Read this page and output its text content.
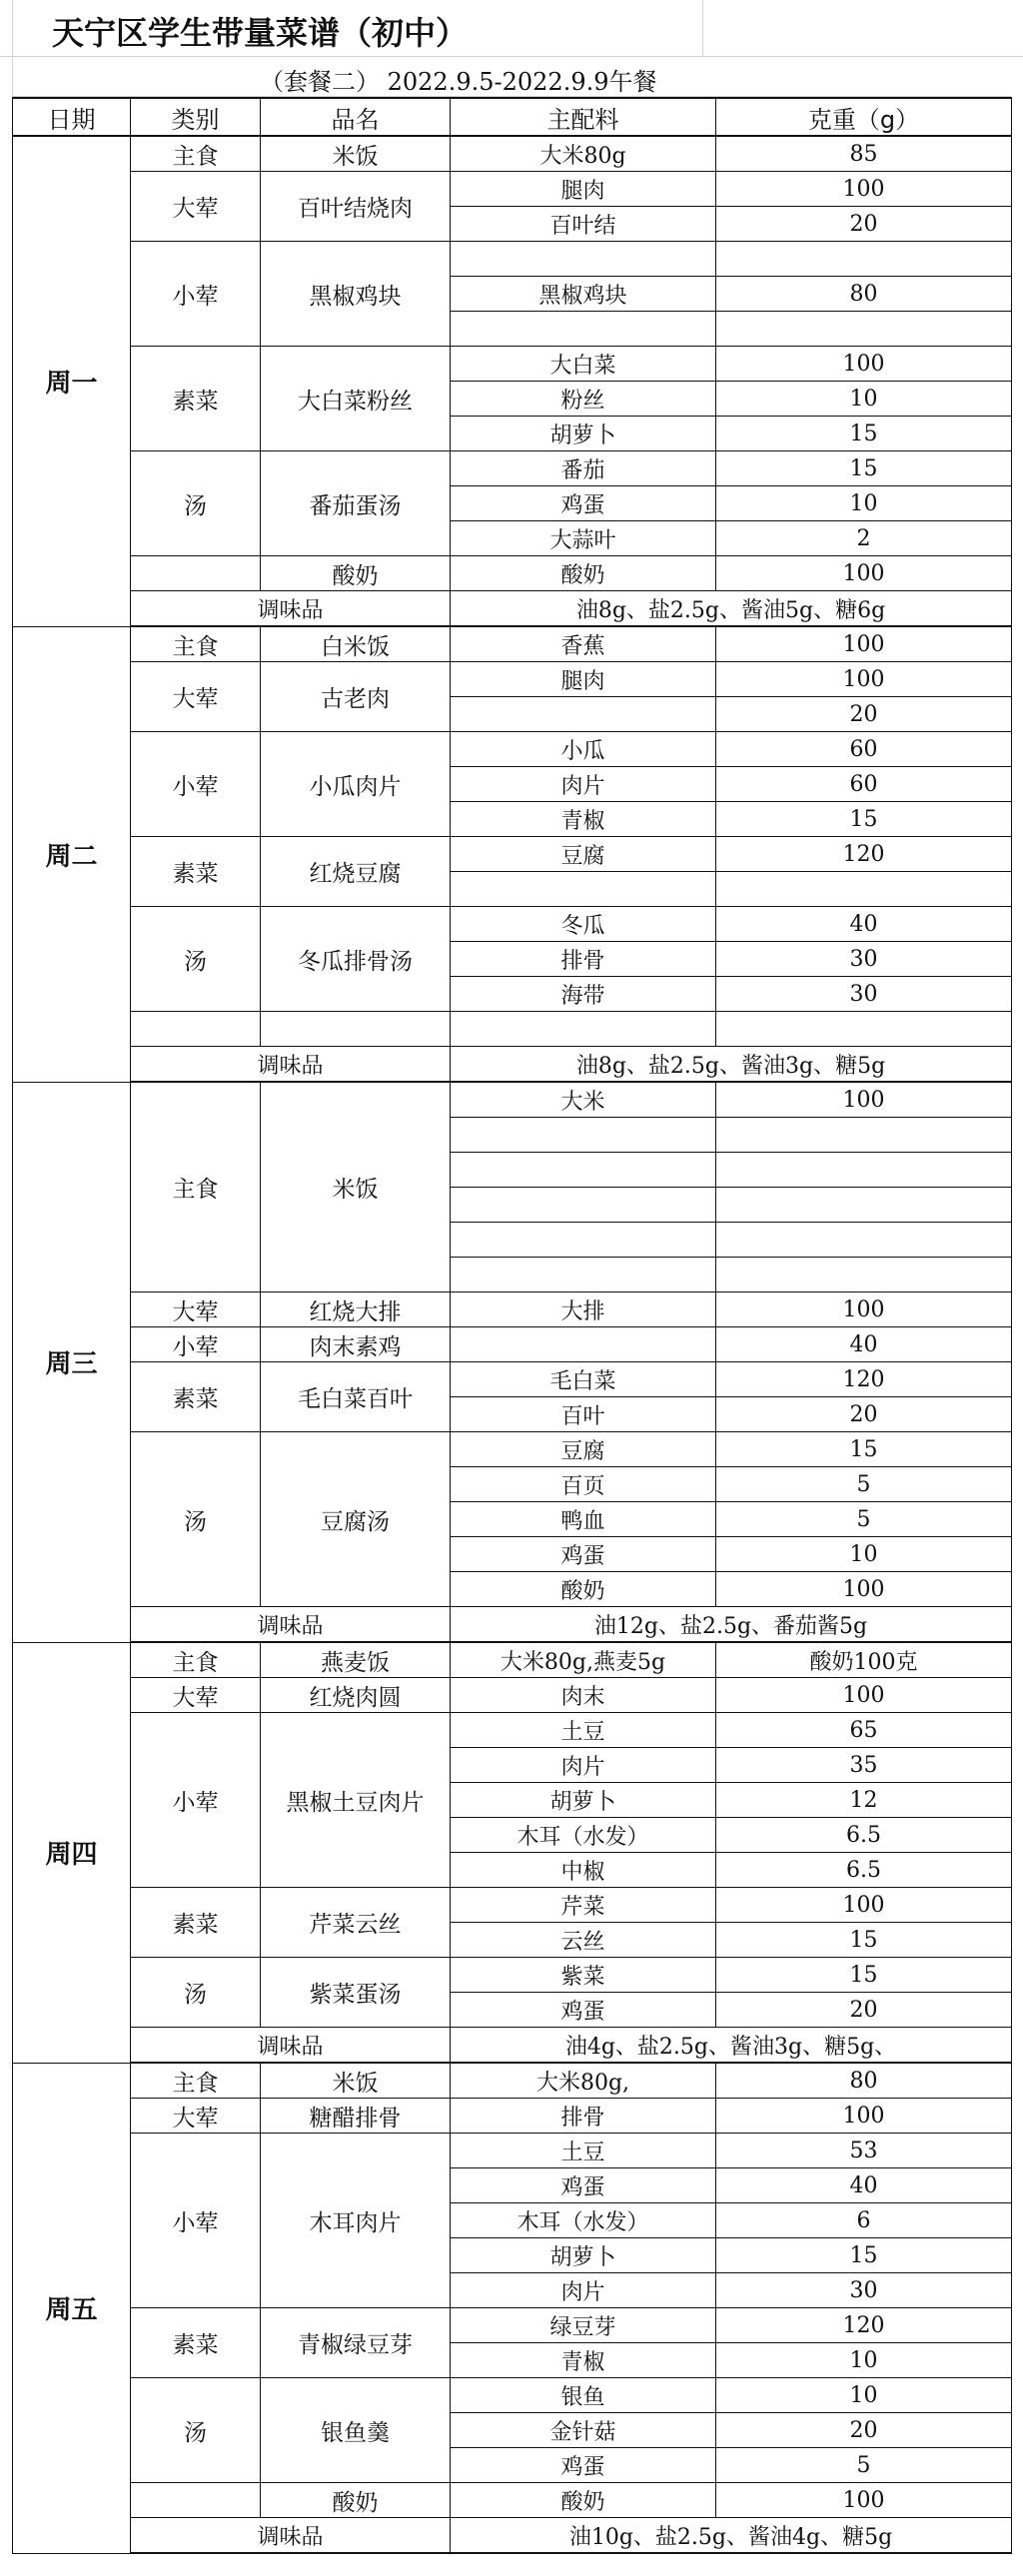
天宁区学生带量菜谱（初中）
（套餐二） 2022.9.5-2022.9.9午餐
日期	类别	品名	主配料	克重（g）
周一	主食	米饭	大米80g	85
	大荤	百叶结烧肉	腿肉	100
			百叶结	20
	小荤	黑椒鸡块		
			黑椒鸡块	80

	素菜	大白菜粉丝	大白菜	100
			粉丝	10
			胡萝卜	15
	汤	番茄蛋汤	番茄	15
			鸡蛋	10
			大蒜叶	2
		酸奶	酸奶	100
	调味品		油8g、盐2.5g、酱油5g、糖6g	
周二	主食	白米饭	香蕉	100
	大荤	古老肉	腿肉	100
				20
	小荤	小瓜肉片	小瓜	60
			肉片	60
			青椒	15
	素菜	红烧豆腐	豆腐	120

	汤	冬瓜排骨汤	冬瓜	40
			排骨	30
			海带	30

	调味品		油8g、盐2.5g、酱油3g、糖5g	
周三	主食	米饭	大米	100

	大荤	红烧大排	大排	100
	小荤	肉末素鸡		40
	素菜	毛白菜百叶	毛白菜	120
			百叶	20
	汤	豆腐汤	豆腐	15
			百页	5
			鸭血	5
			鸡蛋	10
			酸奶	100
	调味品		油12g、盐2.5g、番茄酱5g	
周四	主食	燕麦饭	大米80g,燕麦5g	酸奶100克
	大荤	红烧肉圆	肉末	100
	小荤	黑椒土豆肉片	土豆	65
			肉片	35
			胡萝卜	12
			木耳（水发）	6.5
			中椒	6.5
	素菜	芹菜云丝	芹菜	100
			云丝	15
	汤	紫菜蛋汤	紫菜	15
			鸡蛋	20
	调味品		油4g、盐2.5g、酱油3g、糖5g、	
周五	主食	米饭	大米80g,	80
	大荤	糖醋排骨	排骨	100
	小荤	木耳肉片	土豆	53
			鸡蛋	40
			木耳（水发）	6
			胡萝卜	15
			肉片	30
	素菜	青椒绿豆芽	绿豆芽	120
			青椒	10
	汤	银鱼羹	银鱼	10
			金针菇	20
			鸡蛋	5
		酸奶	酸奶	100
	调味品		油10g、盐2.5g、酱油4g、糖5g	
